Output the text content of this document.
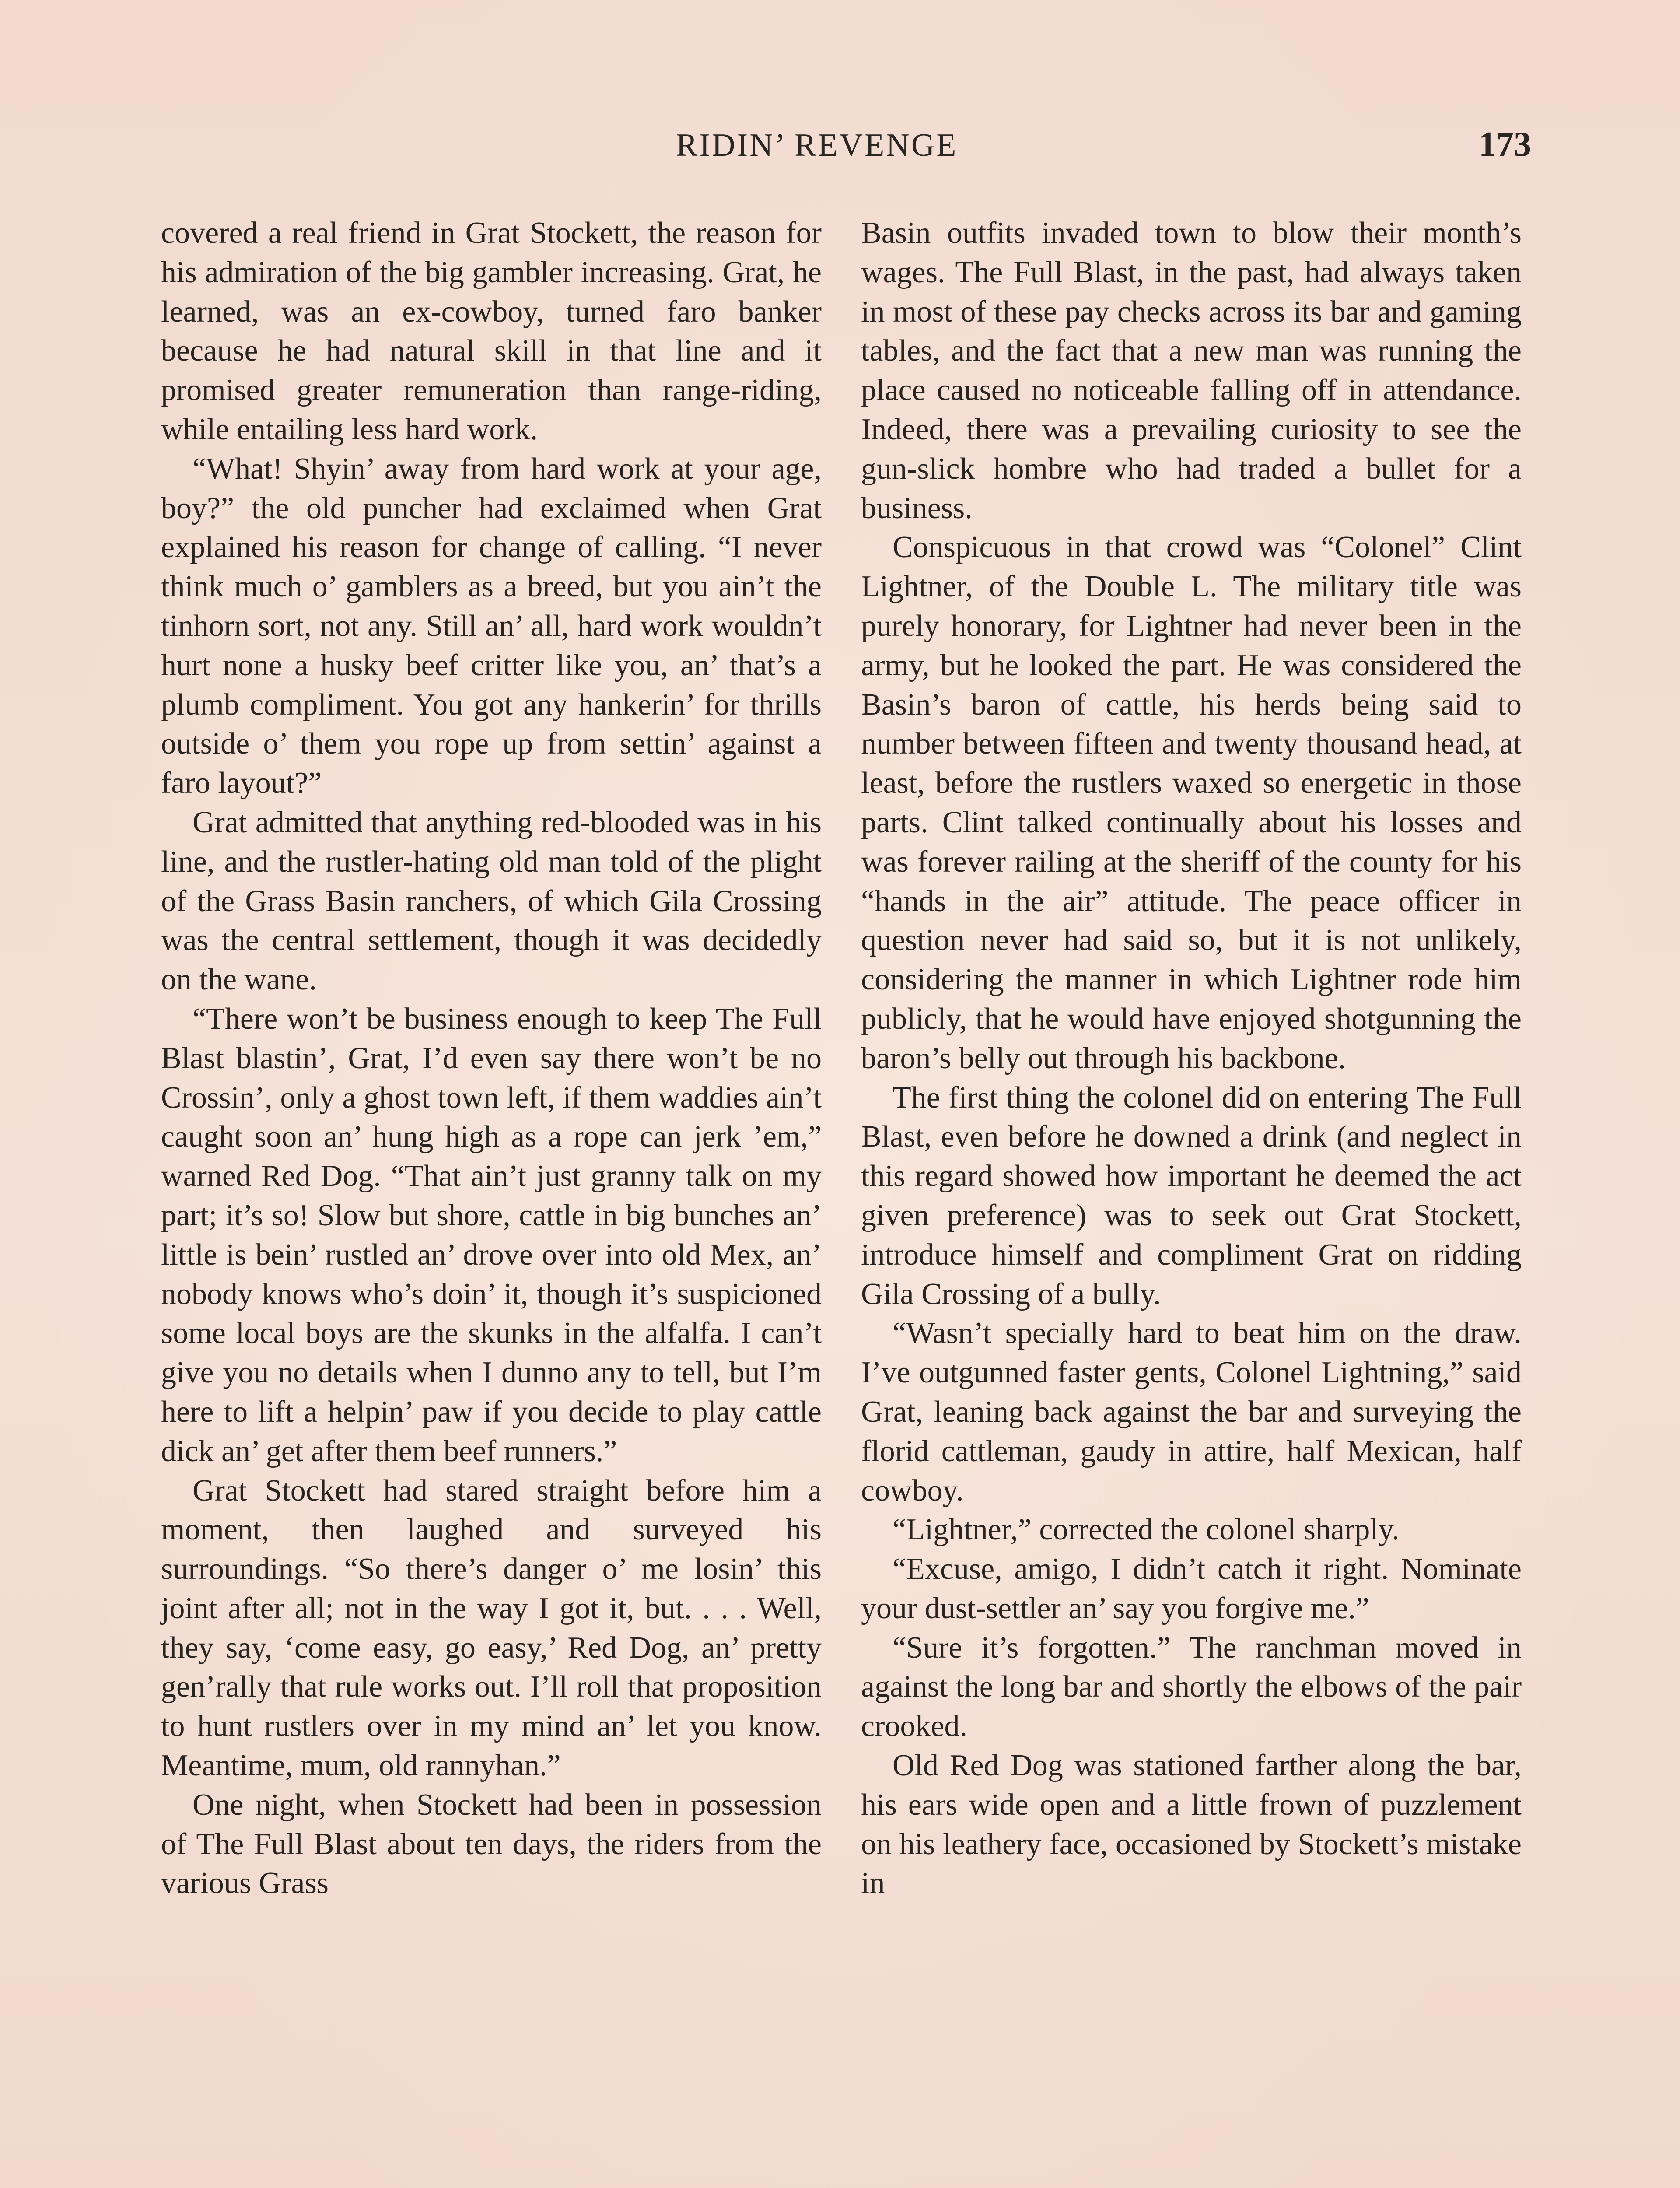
RIDIN’ REVENGE	173

covered a real friend in Grat Stockett, the reason for his admiration of the big gambler increasing. Grat, he learned, was an ex-cowboy, turned faro banker because he had natural skill in that line and it promised greater remuneration than range-riding, while entailing less hard work.

“What! Shyin’ away from hard work at your age, boy?” the old puncher had exclaimed when Grat explained his reason for change of calling. “I never think much o’ gamblers as a breed, but you ain’t the tinhorn sort, not any. Still an’ all, hard work wouldn’t hurt none a husky beef critter like you, an’ that’s a plumb compliment. You got any hankerin’ for thrills outside o’ them you rope up from settin’ against a faro layout?”

Grat admitted that anything red-blooded was in his line, and the rustler-hating old man told of the plight of the Grass Basin ranchers, of which Gila Crossing was the central settlement, though it was decidedly on the wane.

“There won’t be business enough to keep The Full Blast blastin’, Grat, I’d even say there won’t be no Crossin’, only a ghost town left, if them waddies ain’t caught soon an’ hung high as a rope can jerk ’em,” warned Red Dog. “That ain’t just granny talk on my part; it’s so! Slow but shore, cattle in big bunches an’ little is bein’ rustled an’ drove over into old Mex, an’ nobody knows who’s doin’ it, though it’s suspicioned some local boys are the skunks in the alfalfa. I can’t give you no details when I dunno any to tell, but I’m here to lift a helpin’ paw if you decide to play cattle dick an’ get after them beef runners.”

Grat Stockett had stared straight before him a moment, then laughed and surveyed his surroundings. “So there’s danger o’ me losin’ this joint after all; not in the way I got it, but. . . . Well, they say, ‘come easy, go easy,’ Red Dog, an’ pretty gen’rally that rule works out. I’ll roll that proposition to hunt rustlers over in my mind an’ let you know. Meantime, mum, old rannyhan.”

One night, when Stockett had been in possession of The Full Blast about ten days, the riders from the various Grass

Basin outfits invaded town to blow their month’s wages. The Full Blast, in the past, had always taken in most of these pay checks across its bar and gaming tables, and the fact that a new man was running the place caused no noticeable falling off in attendance. Indeed, there was a prevailing curiosity to see the gun-slick hombre who had traded a bullet for a business.

Conspicuous in that crowd was “Colonel” Clint Lightner, of the Double L. The military title was purely honorary, for Lightner had never been in the army, but he looked the part. He was considered the Basin’s baron of cattle, his herds being said to number between fifteen and twenty thousand head, at least, before the rustlers waxed so energetic in those parts. Clint talked continually about his losses and was forever railing at the sheriff of the county for his “hands in the air” attitude. The peace officer in question never had said so, but it is not unlikely, considering the manner in which Lightner rode him publicly, that he would have enjoyed shotgunning the baron’s belly out through his backbone.

The first thing the colonel did on entering The Full Blast, even before he downed a drink (and neglect in this regard showed how important he deemed the act given preference) was to seek out Grat Stockett, introduce himself and compliment Grat on ridding Gila Crossing of a bully.

“Wasn’t specially hard to beat him on the draw. I’ve outgunned faster gents, Colonel Lightning,” said Grat, leaning back against the bar and surveying the florid cattleman, gaudy in attire, half Mexican, half cowboy.

“Lightner,” corrected the colonel sharply.

“Excuse, amigo, I didn’t catch it right. Nominate your dust-settler an’ say you forgive me.”

“Sure it’s forgotten.” The ranchman moved in against the long bar and shortly the elbows of the pair crooked.

Old Red Dog was stationed farther along the bar, his ears wide open and a little frown of puzzlement on his leathery face, occasioned by Stockett’s mistake in
